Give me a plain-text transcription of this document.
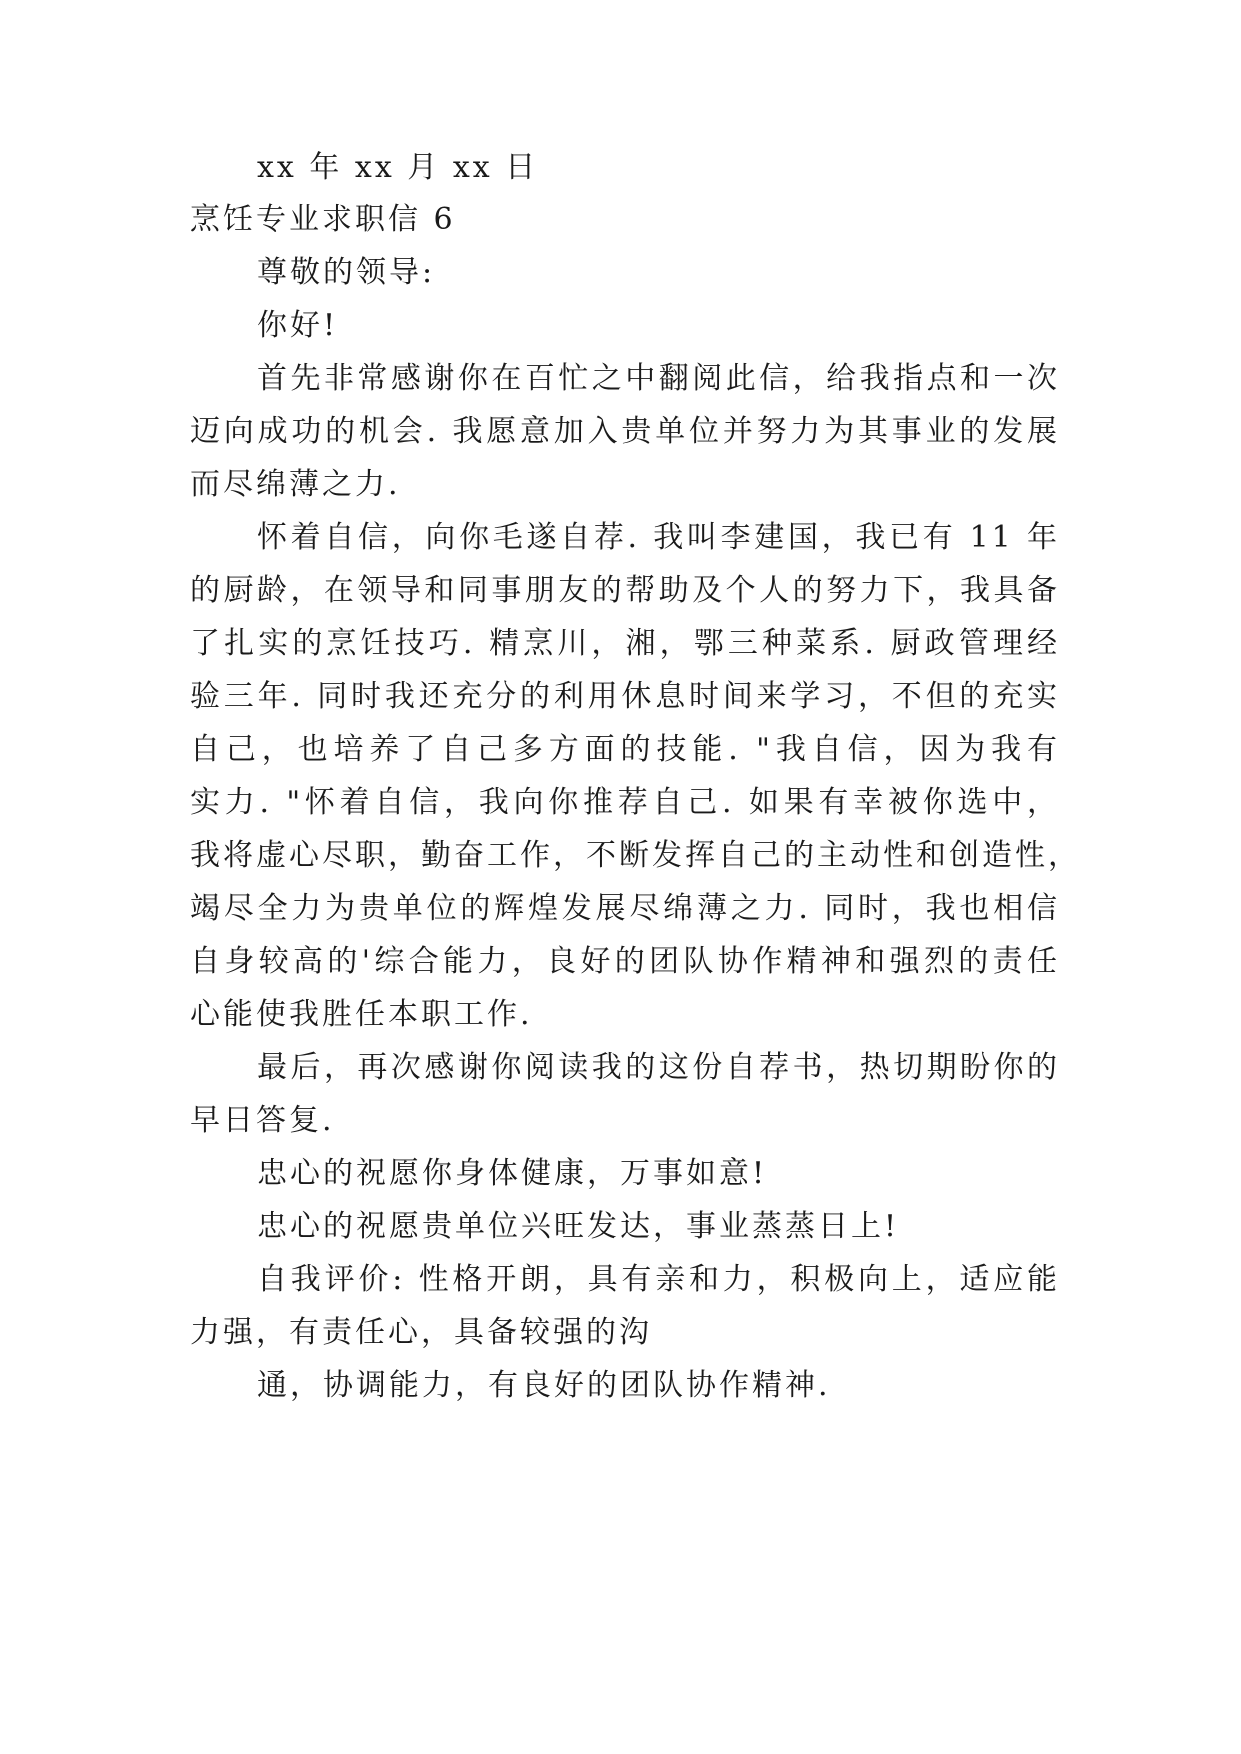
xx 年 xx 月 xx 日
烹饪专业求职信 6
尊敬的领导:
你好!
首先非常感谢你在百忙之中翻阅此信，给我指点和一次
迈向成功的机会. 我愿意加入贵单位并努力为其事业的发展
而尽绵薄之力.
怀着自信，向你毛遂自荐. 我叫李建国，我已有 11 年
的厨龄，在领导和同事朋友的帮助及个人的努力下，我具备
了扎实的烹饪技巧. 精烹川，湘，鄂三种菜系. 厨政管理经
验三年. 同时我还充分的利用休息时间来学习，不但的充实
自己，也培养了自己多方面的技能. "我自信，因为我有
实力. "怀着自信，我向你推荐自己. 如果有幸被你选中，
我将虚心尽职，勤奋工作，不断发挥自己的主动性和创造性，
竭尽全力为贵单位的辉煌发展尽绵薄之力. 同时，我也相信
自身较高的'综合能力，良好的团队协作精神和强烈的责任
心能使我胜任本职工作.
最后，再次感谢你阅读我的这份自荐书，热切期盼你的
早日答复.
忠心的祝愿你身体健康，万事如意!
忠心的祝愿贵单位兴旺发达，事业蒸蒸日上!
自我评价: 性格开朗，具有亲和力，积极向上，适应能
力强，有责任心，具备较强的沟
通，协调能力，有良好的团队协作精神.
